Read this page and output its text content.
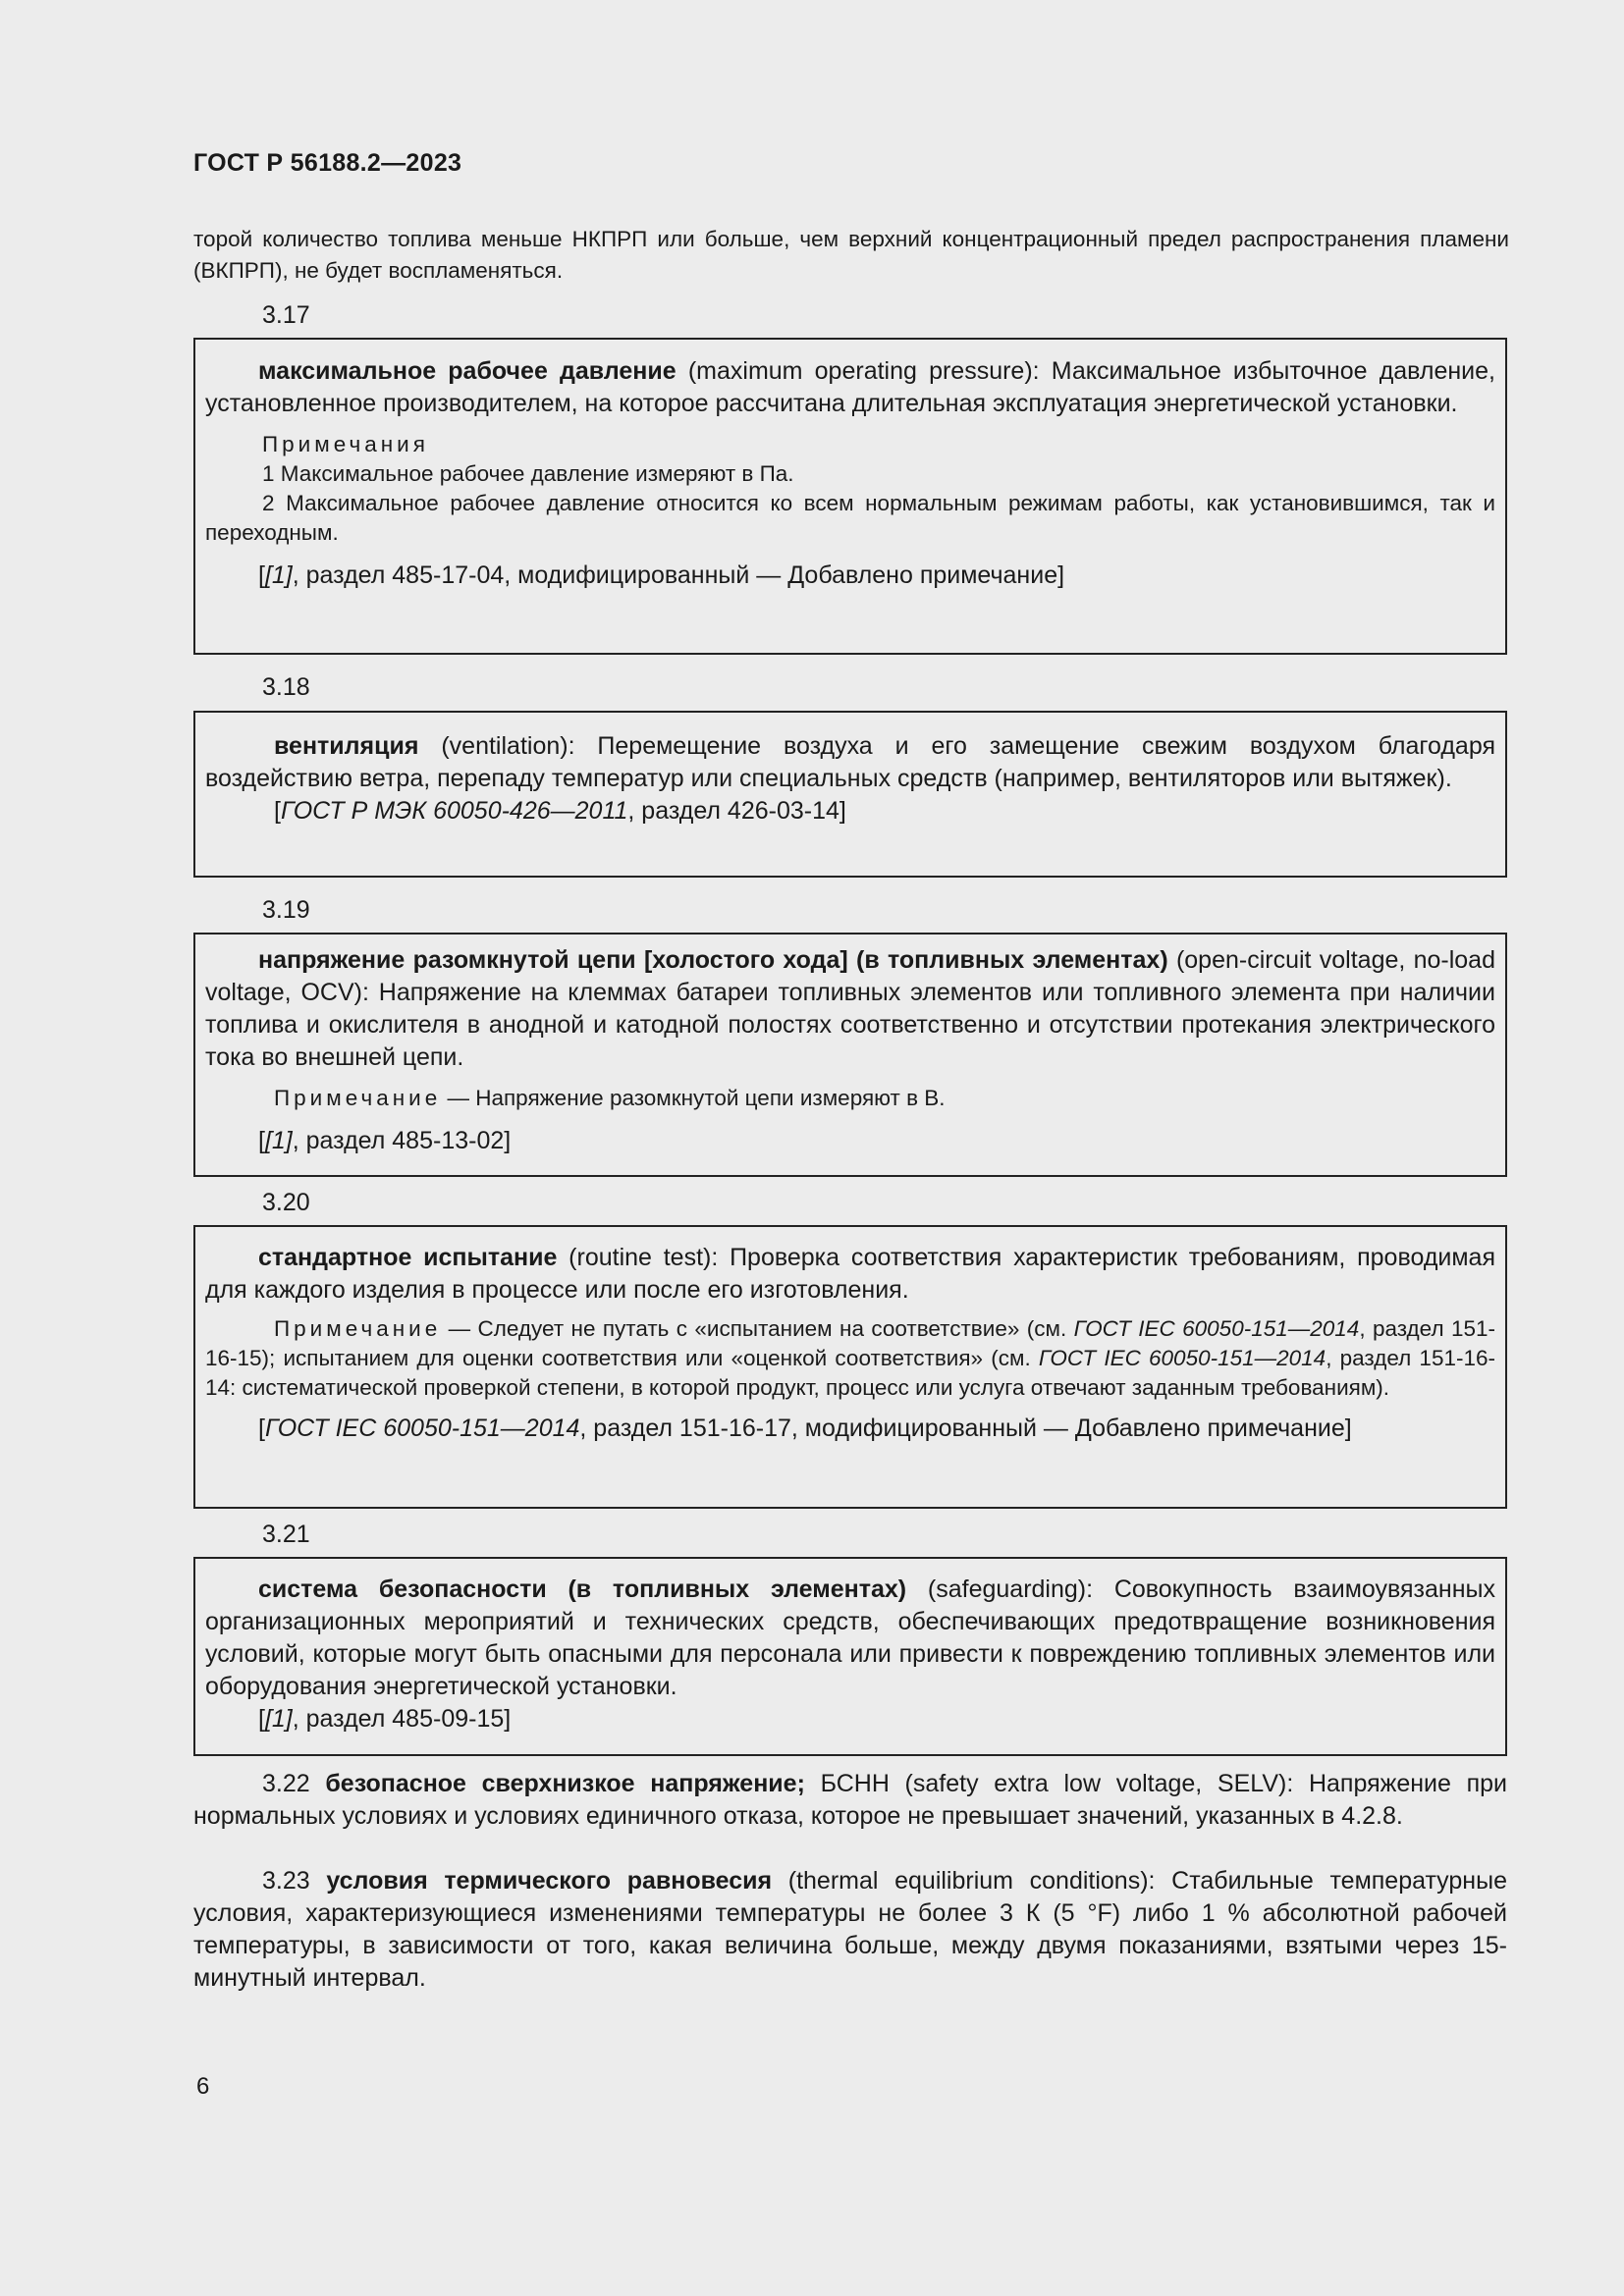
ГОСТ Р 56188.2—2023
торой количество топлива меньше НКПРП или больше, чем верхний концентрационный предел распространения пламени (ВКПРП), не будет воспламеняться.
3.17
максимальное рабочее давление (maximum operating pressure): Максимальное избыточное давление, установленное производителем, на которое рассчитана длительная эксплуатация энергетической установки.
Примечания
1 Максимальное рабочее давление измеряют в Па.
2 Максимальное рабочее давление относится ко всем нормальным режимам работы, как установившимся, так и переходным.
[[1], раздел 485-17-04, модифицированный — Добавлено примечание]
3.18
вентиляция (ventilation): Перемещение воздуха и его замещение свежим воздухом благодаря воздействию ветра, перепаду температур или специальных средств (например, вентиляторов или вытяжек).
[ГОСТ Р МЭК 60050-426—2011, раздел 426-03-14]
3.19
напряжение разомкнутой цепи [холостого хода] (в топливных элементах) (open-circuit voltage, no-load voltage, OCV): Напряжение на клеммах батареи топливных элементов или топливного элемента при наличии топлива и окислителя в анодной и катодной полостях соответственно и отсутствии протекания электрического тока во внешней цепи.
Примечание — Напряжение разомкнутой цепи измеряют в В.
[[1], раздел 485-13-02]
3.20
стандартное испытание (routine test): Проверка соответствия характеристик требованиям, проводимая для каждого изделия в процессе или после его изготовления.
Примечание — Следует не путать с «испытанием на соответствие» (см. ГОСТ IEC 60050-151—2014, раздел 151-16-15); испытанием для оценки соответствия или «оценкой соответствия» (см. ГОСТ IEC 60050-151—2014, раздел 151-16-14: систематической проверкой степени, в которой продукт, процесс или услуга отвечают заданным требованиям).
[ГОСТ IEC 60050-151—2014, раздел 151-16-17, модифицированный — Добавлено примечание]
3.21
система безопасности (в топливных элементах) (safeguarding): Совокупность взаимоувязанных организационных мероприятий и технических средств, обеспечивающих предотвращение возникновения условий, которые могут быть опасными для персонала или привести к повреждению топливных элементов или оборудования энергетической установки.
[[1], раздел 485-09-15]
3.22 безопасное сверхнизкое напряжение; БСНН (safety extra low voltage, SELV): Напряжение при нормальных условиях и условиях единичного отказа, которое не превышает значений, указанных в 4.2.8.
3.23 условия термического равновесия (thermal equilibrium conditions): Стабильные температурные условия, характеризующиеся изменениями температуры не более 3 К (5 °F) либо 1 % абсолютной рабочей температуры, в зависимости от того, какая величина больше, между двумя показаниями, взятыми через 15-минутный интервал.
6
